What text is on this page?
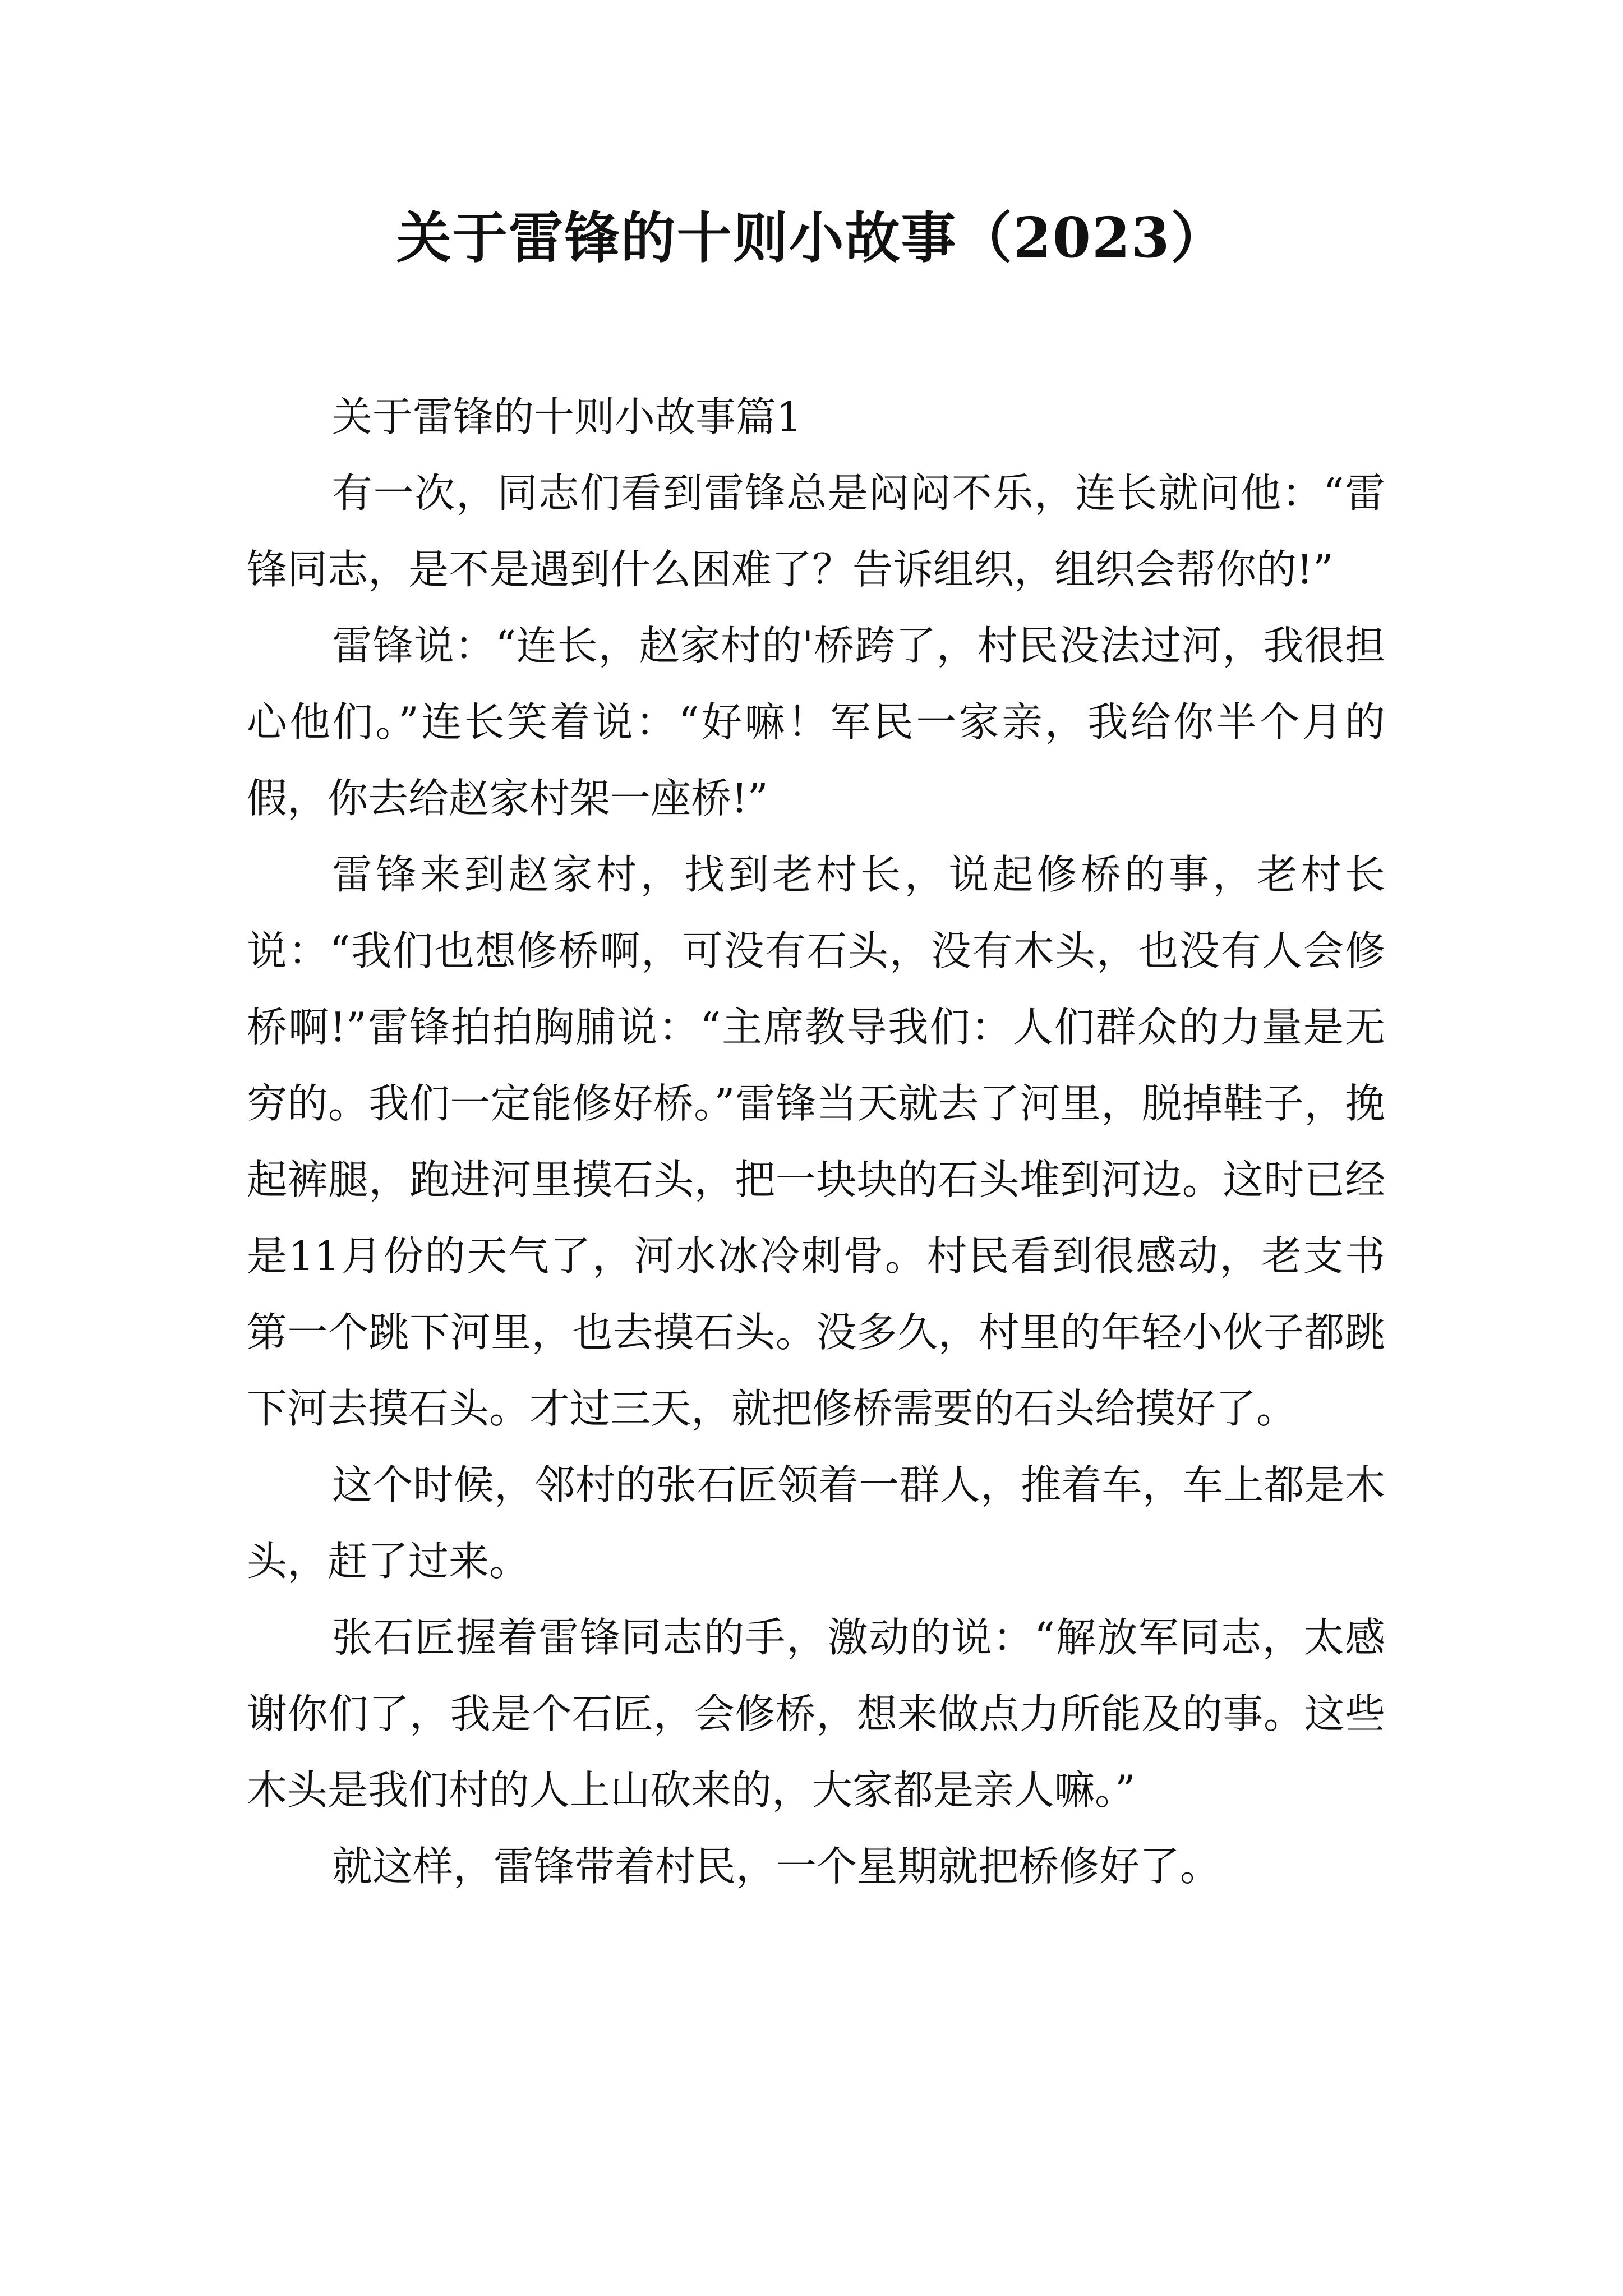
关于雷锋的十则小故事（2023）

关于雷锋的十则小故事篇1

有一次，同志们看到雷锋总是闷闷不乐，连长就问他：“雷锋同志，是不是遇到什么困难了？告诉组织，组织会帮你的!”

雷锋说：“连长，赵家村的'桥跨了，村民没法过河，我很担心他们。”连长笑着说：“好嘛！军民一家亲，我给你半个月的假，你去给赵家村架一座桥!”

雷锋来到赵家村，找到老村长，说起修桥的事，老村长说：“我们也想修桥啊，可没有石头，没有木头，也没有人会修桥啊!”雷锋拍拍胸脯说：“主席教导我们：人们群众的力量是无穷的。我们一定能修好桥。”雷锋当天就去了河里，脱掉鞋子，挽起裤腿，跑进河里摸石头，把一块块的石头堆到河边。这时已经是11月份的天气了，河水冰冷刺骨。村民看到很感动，老支书第一个跳下河里，也去摸石头。没多久，村里的年轻小伙子都跳下河去摸石头。才过三天，就把修桥需要的石头给摸好了。

这个时候，邻村的张石匠领着一群人，推着车，车上都是木头，赶了过来。

张石匠握着雷锋同志的手，激动的说：“解放军同志，太感谢你们了，我是个石匠，会修桥，想来做点力所能及的事。这些木头是我们村的人上山砍来的，大家都是亲人嘛。”

就这样，雷锋带着村民，一个星期就把桥修好了。
